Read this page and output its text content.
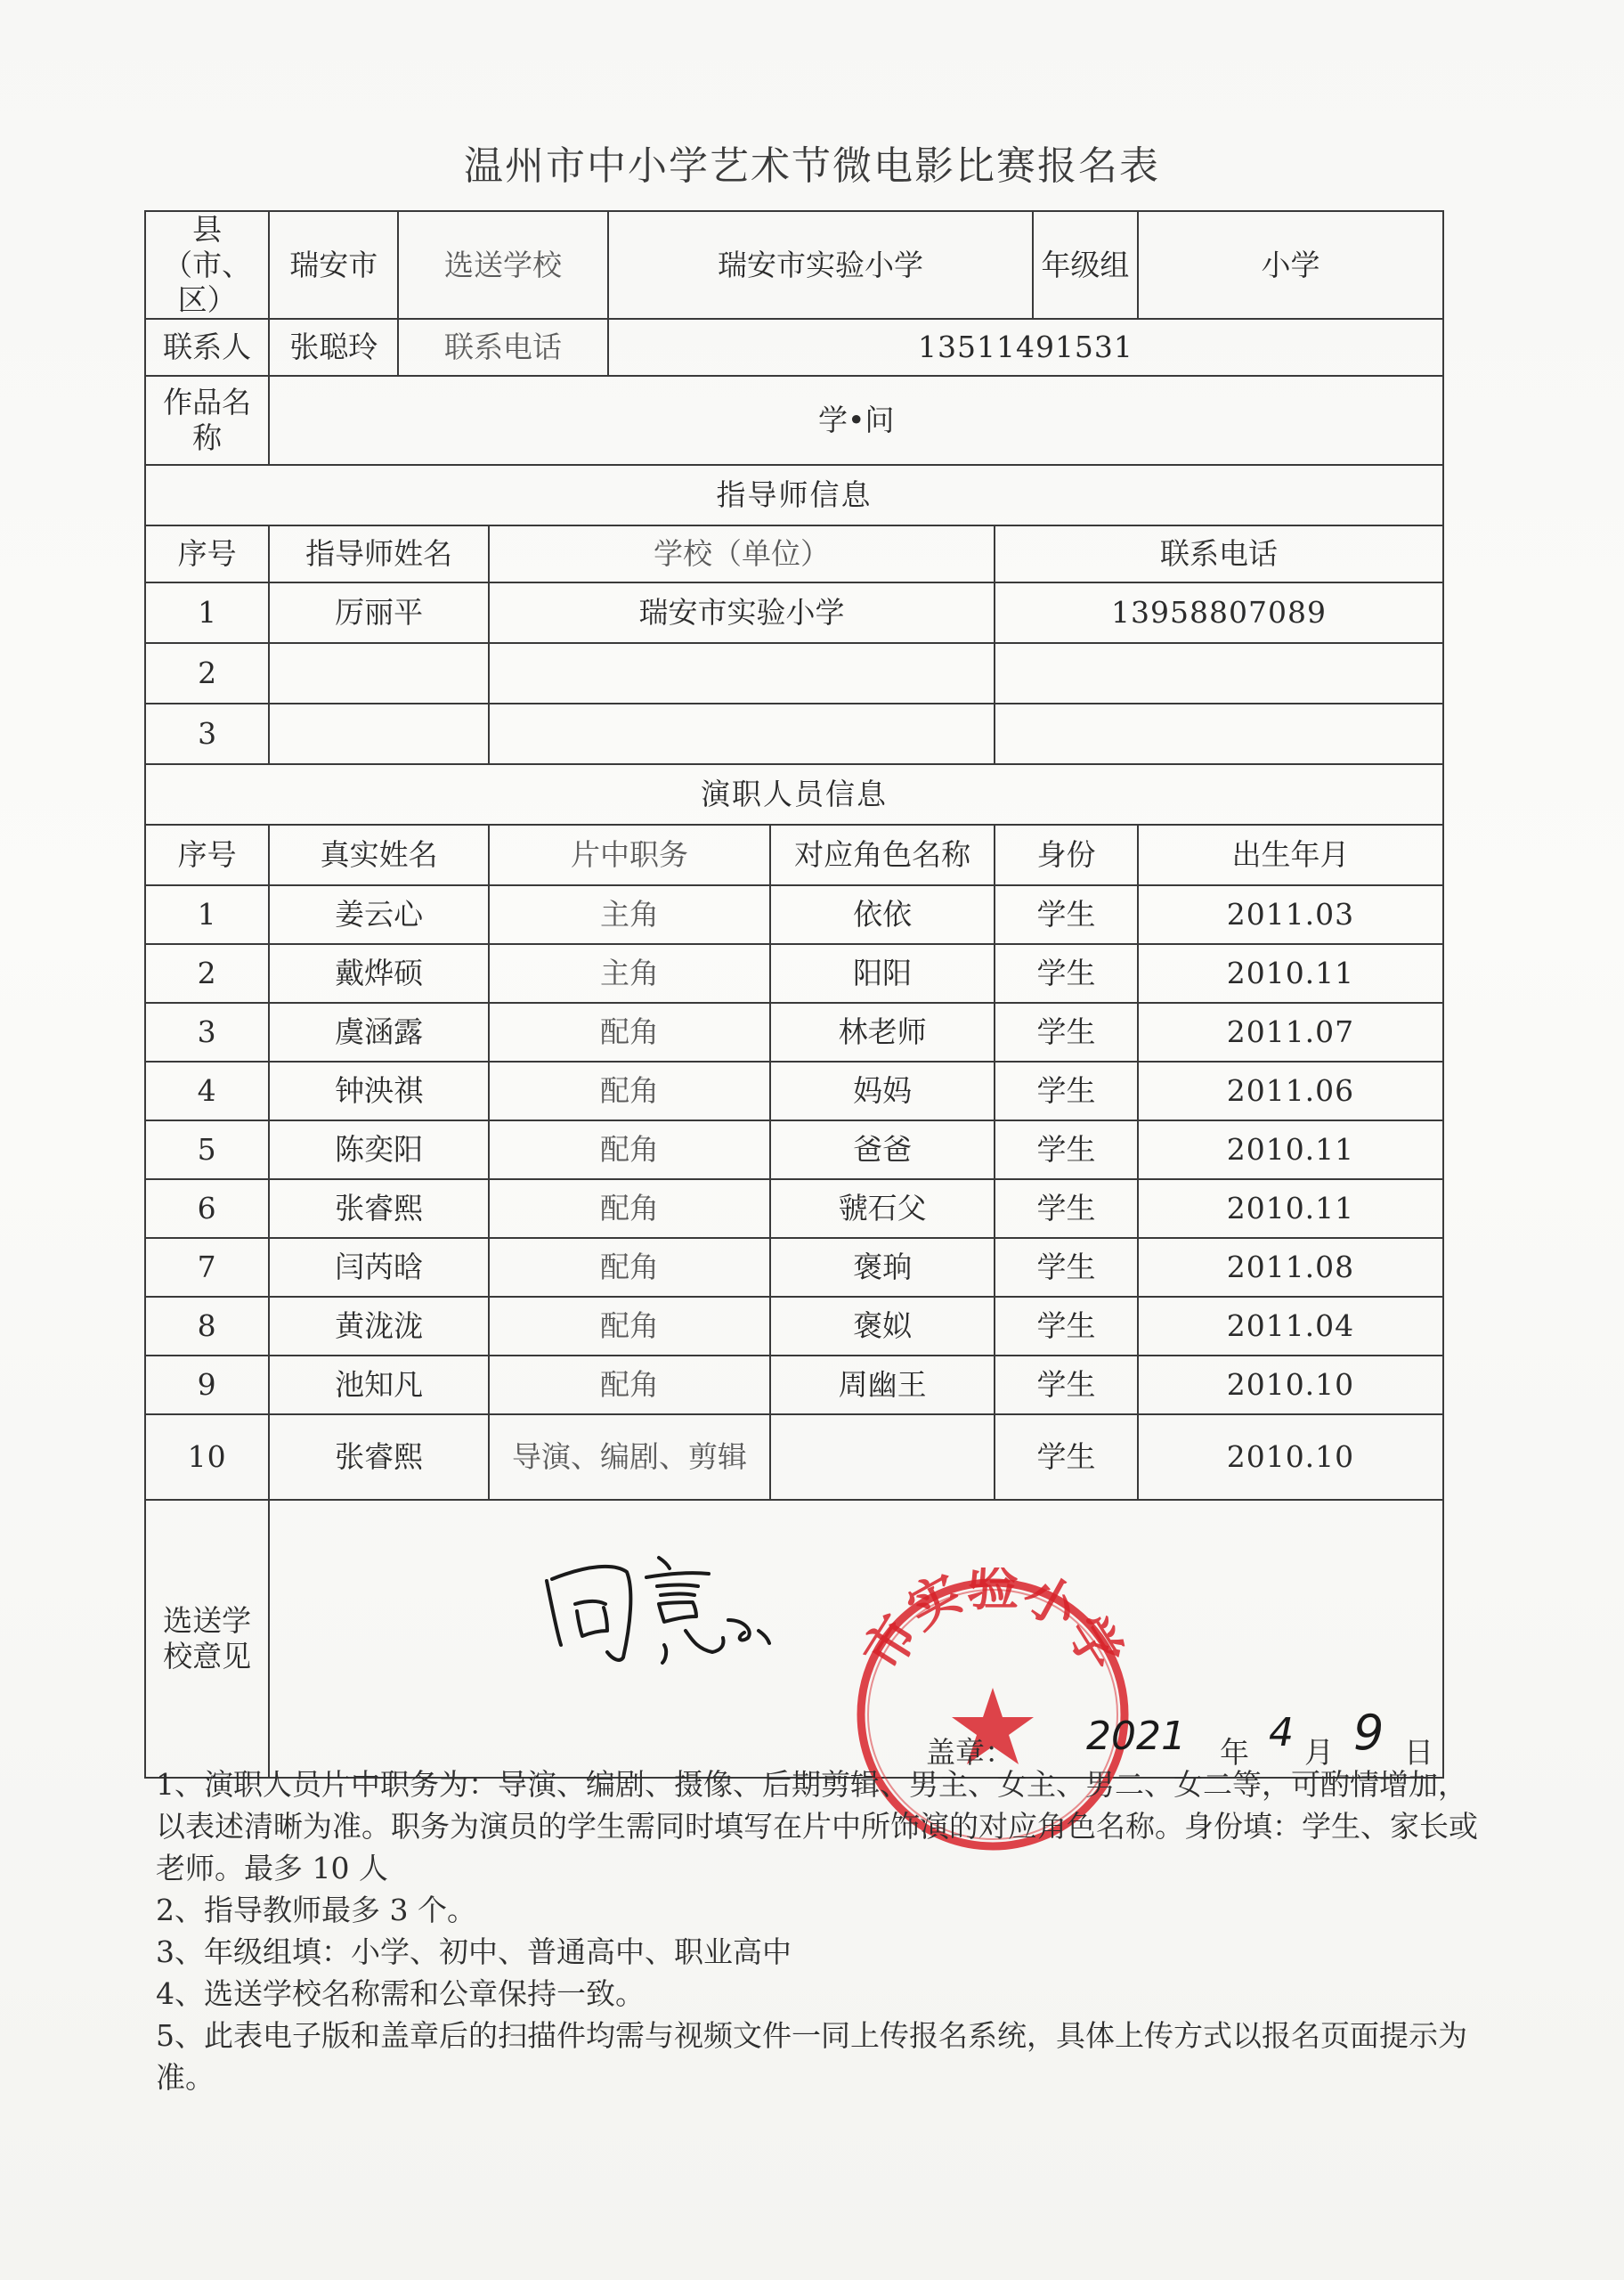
温州市中小学艺术节微电影比赛报名表
县（市、区）	瑞安市	选送学校		瑞安市实验小学			年级组	小学
联系人	张聪玲	联系电话		13511491531				
作品名称	学•问							
指导师信息								
序号	指导师姓名		学校（单位）			联系电话		
1	厉丽平		瑞安市实验小学			13958807089		
2								
3								
演职人员信息								
序号	真实姓名		片中职务		对应角色名称	身份		出生年月
1	姜云心		主角		依依	学生		2011.03
2	戴烨硕		主角		阳阳	学生		2010.11
3	虞涵露		配角		林老师	学生		2011.07
4	钟泱祺		配角		妈妈	学生		2011.06
5	陈奕阳		配角		爸爸	学生		2010.11
6	张睿熙		配角		虢石父	学生		2010.11
7	闫芮晗		配角		褒珦	学生		2011.08
8	黄泷泷		配角		褒姒	学生		2011.04
9	池知凡		配角		周幽王	学生		2010.10
10	张睿熙		导演、编剧、剪辑			学生		2010.10
选送学校意见									市实验小学
盖章： 2021 年 4 月 9 日

1、演职人员片中职务为：导演、编剧、摄像、后期剪辑、男主、女主、男二、女二等，可酌情增加，以表述清晰为准。职务为演员的学生需同时填写在片中所饰演的对应角色名称。身份填：学生、家长或老师。最多 10 人

2、指导教师最多 3 个。

3、年级组填：小学、初中、普通高中、职业高中

4、选送学校名称需和公章保持一致。

5、此表电子版和盖章后的扫描件均需与视频文件一同上传报名系统，具体上传方式以报名页面提示为准。
